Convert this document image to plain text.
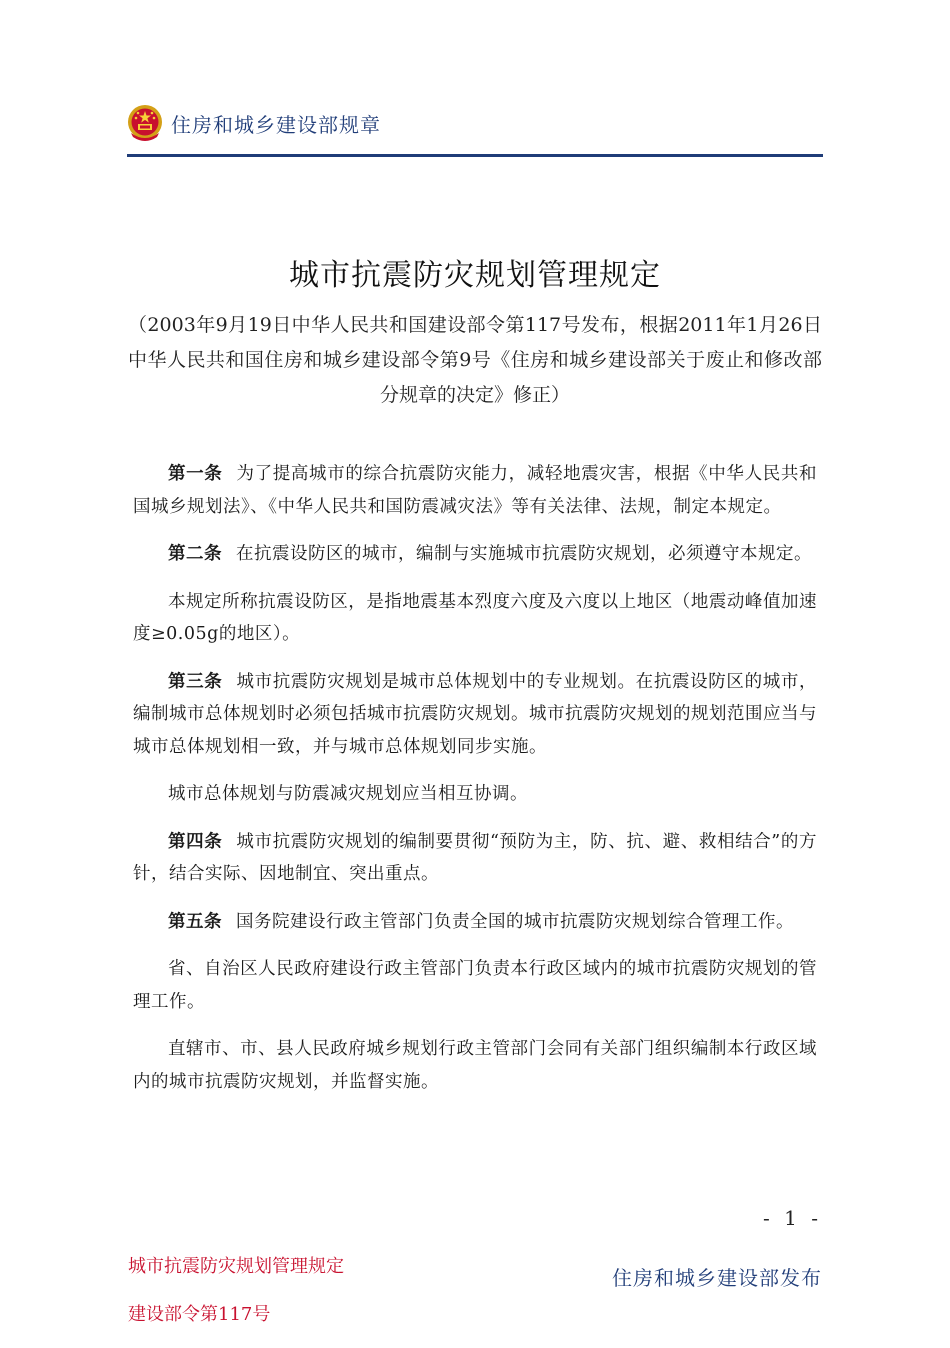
住房和城乡建设部规章
城市抗震防灾规划管理规定
（2003年9月19日中华人民共和国建设部令第117号发布，根据2011年1月26日中华人民共和国住房和城乡建设部令第9号《住房和城乡建设部关于废止和修改部分规章的决定》修正）

第一条 为了提高城市的综合抗震防灾能力，减轻地震灾害，根据《中华人民共和国城乡规划法》、《中华人民共和国防震减灾法》等有关法律、法规，制定本规定。

第二条 在抗震设防区的城市，编制与实施城市抗震防灾规划，必须遵守本规定。

本规定所称抗震设防区，是指地震基本烈度六度及六度以上地区（地震动峰值加速度≥0.05g的地区）。

第三条 城市抗震防灾规划是城市总体规划中的专业规划。在抗震设防区的城市，编制城市总体规划时必须包括城市抗震防灾规划。城市抗震防灾规划的规划范围应当与城市总体规划相一致，并与城市总体规划同步实施。

城市总体规划与防震减灾规划应当相互协调。

第四条 城市抗震防灾规划的编制要贯彻“预防为主，防、抗、避、救相结合”的方针，结合实际、因地制宜、突出重点。

第五条 国务院建设行政主管部门负责全国的城市抗震防灾规划综合管理工作。

省、自治区人民政府建设行政主管部门负责本行政区域内的城市抗震防灾规划的管理工作。

直辖市、市、县人民政府城乡规划行政主管部门会同有关部门组织编制本行政区域内的城市抗震防灾规划，并监督实施。

- 1 -
城市抗震防灾规划管理规定
建设部令第117号
住房和城乡建设部发布
